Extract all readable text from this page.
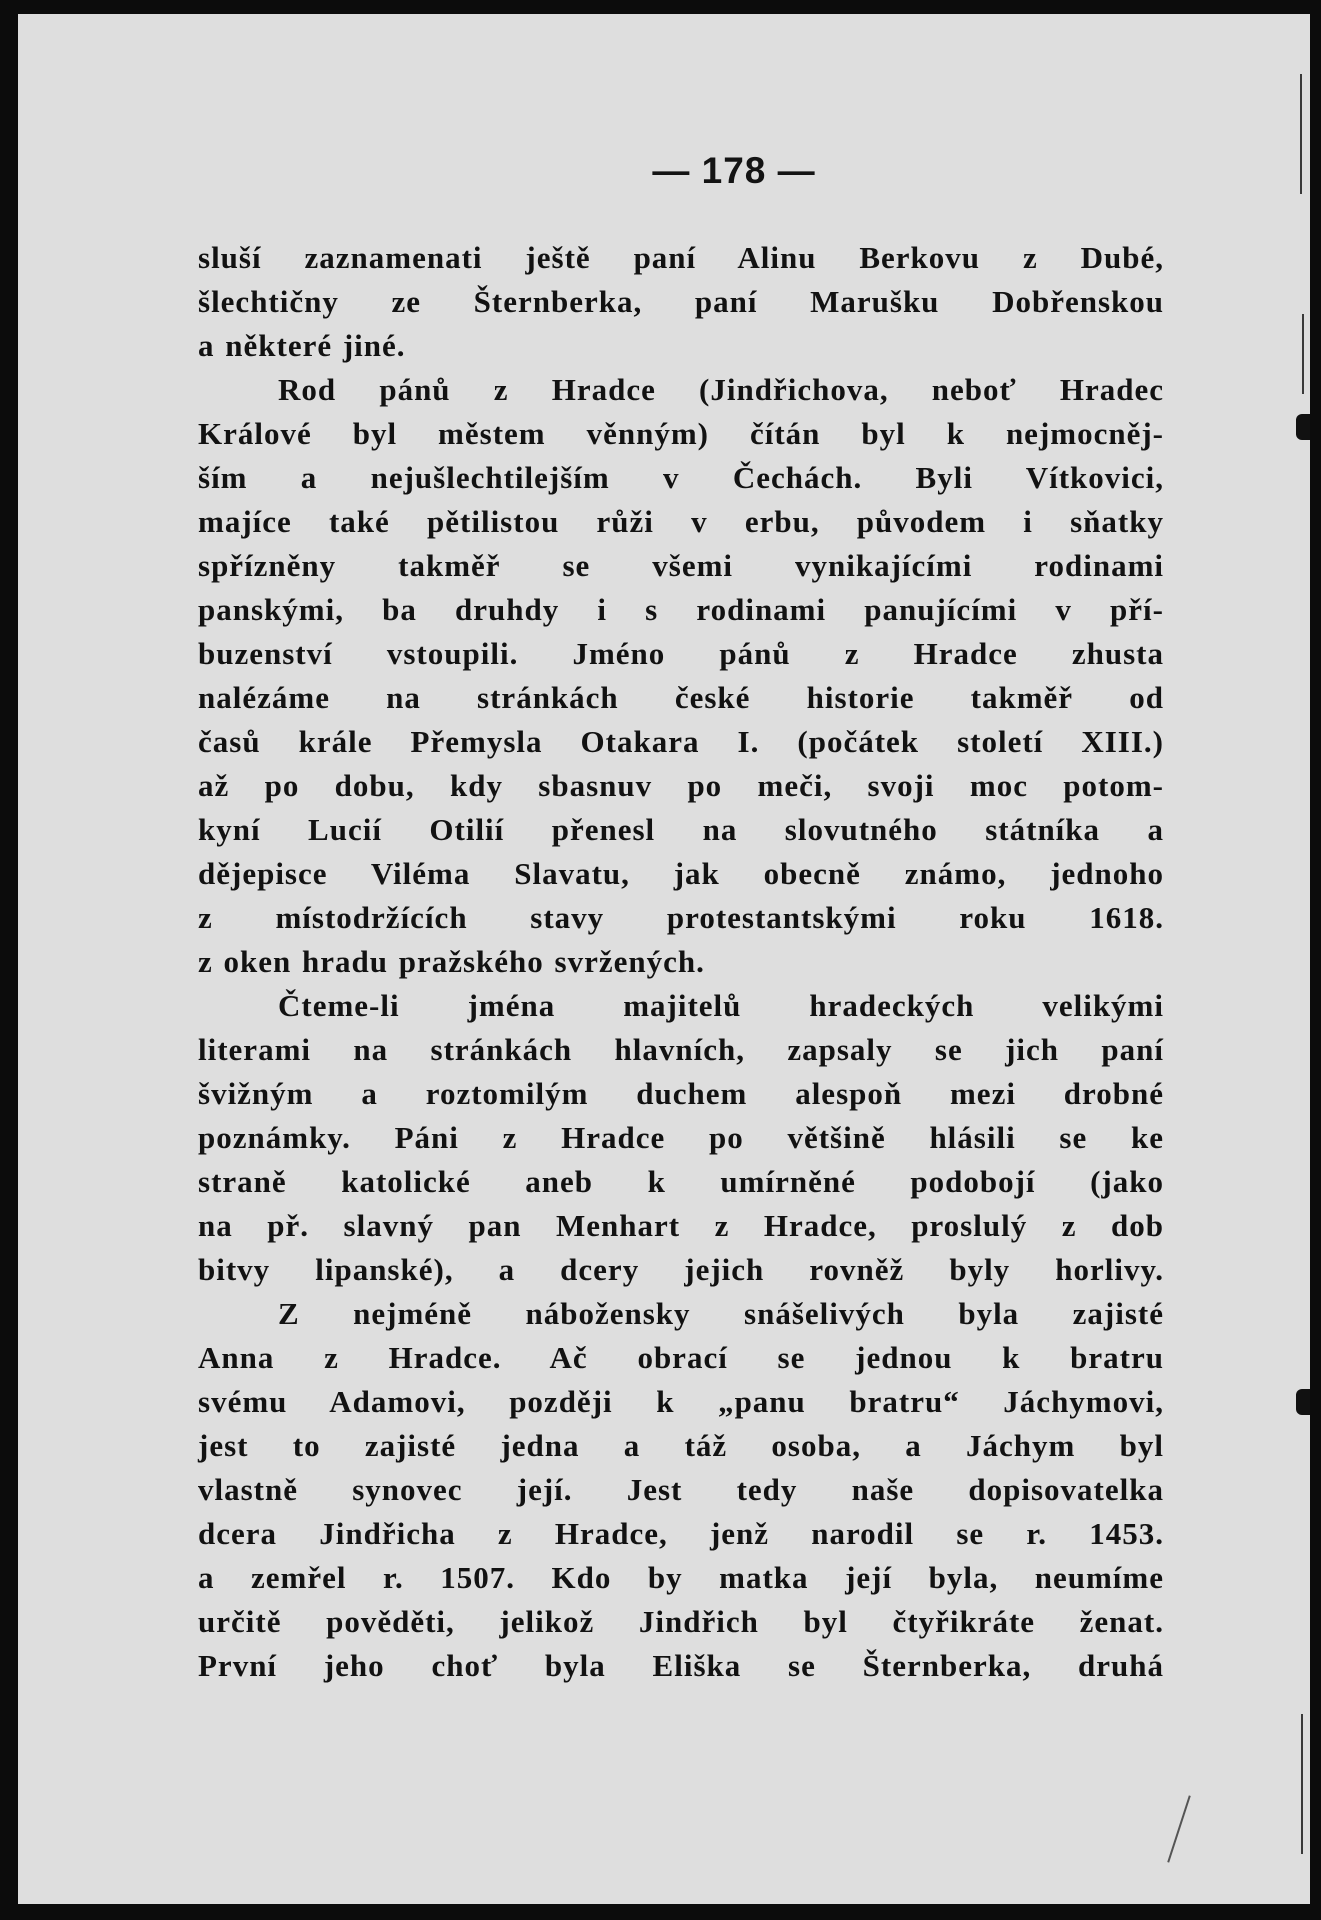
— 178 —
sluší zaznamenati ještě paní Alinu Berkovu z Dubé,
šlechtičny ze Šternberka, paní Marušku Dobřenskou
a některé jiné.
Rod pánů z Hradce (Jindřichova, neboť Hradec
Králové byl městem věnným) čítán byl k nejmocněj-
ším a nejušlechtilejším v Čechách. Byli Vítkovici,
majíce také pětilistou růži v erbu, původem i sňatky
spřízněny takměř se všemi vynikajícími rodinami
panskými, ba druhdy i s rodinami panujícími v pří-
buzenství vstoupili. Jméno pánů z Hradce zhusta
nalézáme na stránkách české historie takměř od
časů krále Přemysla Otakara I. (počátek století XIII.)
až po dobu, kdy sbasnuv po meči, svoji moc potom-
kyní Lucií Otilií přenesl na slovutného státníka a
dějepisce Viléma Slavatu, jak obecně známo, jednoho
z místodržících stavy protestantskými roku 1618.
z oken hradu pražského svržených.
Čteme-li jména majitelů hradeckých velikými
literami na stránkách hlavních, zapsaly se jich paní
švižným a roztomilým duchem alespoň mezi drobné
poznámky. Páni z Hradce po většině hlásili se ke
straně katolické aneb k umírněné podobojí (jako
na př. slavný pan Menhart z Hradce, proslulý z dob
bitvy lipanské), a dcery jejich rovněž byly horlivy.
Z nejméně nábožensky snášelivých byla zajisté
Anna z Hradce. Ač obrací se jednou k bratru
svému Adamovi, později k „panu bratru“ Jáchymovi,
jest to zajisté jedna a táž osoba, a Jáchym byl
vlastně synovec její. Jest tedy naše dopisovatelka
dcera Jindřicha z Hradce, jenž narodil se r. 1453.
a zemřel r. 1507. Kdo by matka její byla, neumíme
určitě pověděti, jelikož Jindřich byl čtyřikráte ženat.
První jeho choť byla Eliška se Šternberka, druhá
